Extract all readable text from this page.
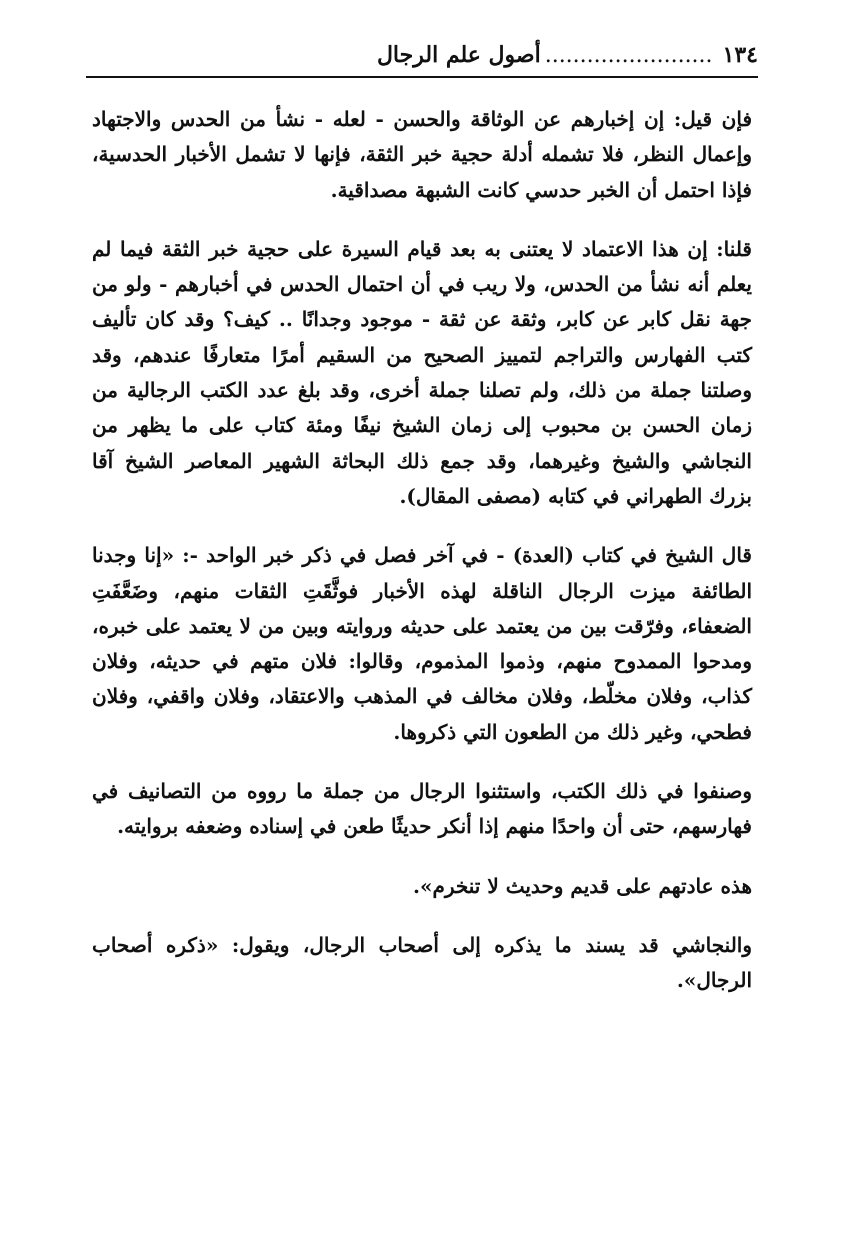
١٣٤
........................
أصول علم الرجال

فإن قيل: إن إخبارهم عن الوثاقة والحسن - لعله - نشأ من الحدس والاجتهاد وإعمال النظر، فلا تشمله أدلة حجية خبر الثقة، فإنها لا تشمل الأخبار الحدسية، فإذا احتمل أن الخبر حدسي كانت الشبهة مصداقية.

قلنا: إن هذا الاعتماد لا يعتنى به بعد قيام السيرة على حجية خبر الثقة فيما لم يعلم أنه نشأ من الحدس، ولا ريب في أن احتمال الحدس في أخبارهم - ولو من جهة نقل كابر عن كابر، وثقة عن ثقة - موجود وجدانًا .. كيف؟ وقد كان تأليف كتب الفهارس والتراجم لتمييز الصحيح من السقيم أمرًا متعارفًا عندهم، وقد وصلتنا جملة من ذلك، ولم تصلنا جملة أخرى، وقد بلغ عدد الكتب الرجالية من زمان الحسن بن محبوب إلى زمان الشيخ نيفًا ومئة كتاب على ما يظهر من النجاشي والشيخ وغيرهما، وقد جمع ذلك البحاثة الشهير المعاصر الشيخ آقا بزرك الطهراني في كتابه (مصفى المقال).

قال الشيخ في كتاب (العدة) - في آخر فصل في ذكر خبر الواحد -: «إنا وجدنا الطائفة ميزت الرجال الناقلة لهذه الأخبار فوثَّقَتِ الثقات منهم، وضَعَّفَتِ الضعفاء، وفرّقت بين من يعتمد على حديثه وروايته وبين من لا يعتمد على خبره، ومدحوا الممدوح منهم، وذموا المذموم، وقالوا: فلان متهم في حديثه، وفلان كذاب، وفلان مخلّط، وفلان مخالف في المذهب والاعتقاد، وفلان واقفي، وفلان فطحي، وغير ذلك من الطعون التي ذكروها.

وصنفوا في ذلك الكتب، واستثنوا الرجال من جملة ما رووه من التصانيف في فهارسهم، حتى أن واحدًا منهم إذا أنكر حديثًا طعن في إسناده وضعفه بروايته.

هذه عادتهم على قديم وحديث لا تنخرم».

والنجاشي قد يسند ما يذكره إلى أصحاب الرجال، ويقول: «ذكره أصحاب الرجال».
